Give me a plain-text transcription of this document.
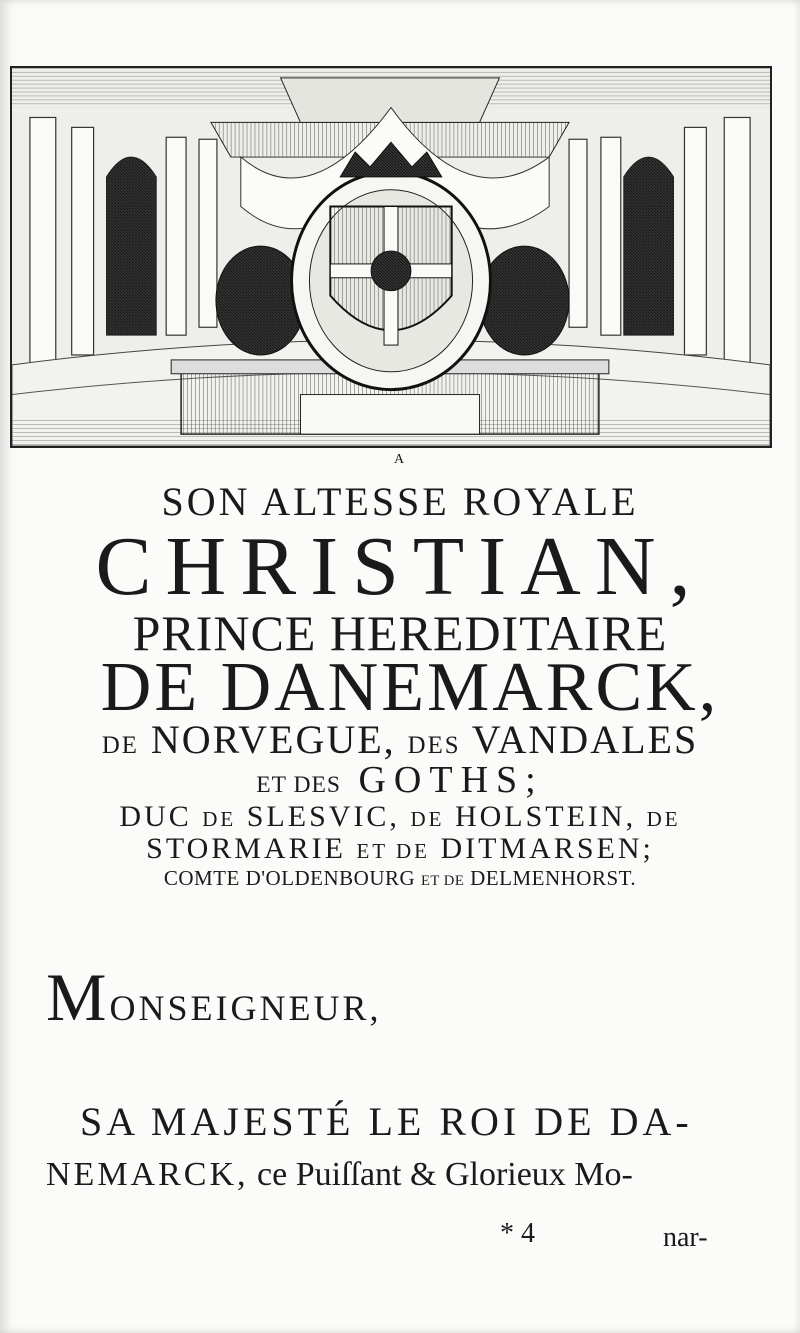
A
SON ALTESSE ROYALE
CHRISTIAN,
PRINCE HEREDITAIRE
DE DANEMARCK,
DE NORVEGUE, DES VANDALES
ET DES GOTHS;
DUC DE SLESVIC, DE HOLSTEIN, DE
STORMARIE ET DE DITMARSEN;
COMTE D'OLDENBOURG ET DE DELMENHORST.
MONSEIGNEUR,
SA MAJESTÉ LE ROI DE DA-
NEMARCK, ce Puiſſant & Glorieux Mo-
* 4	nar-
